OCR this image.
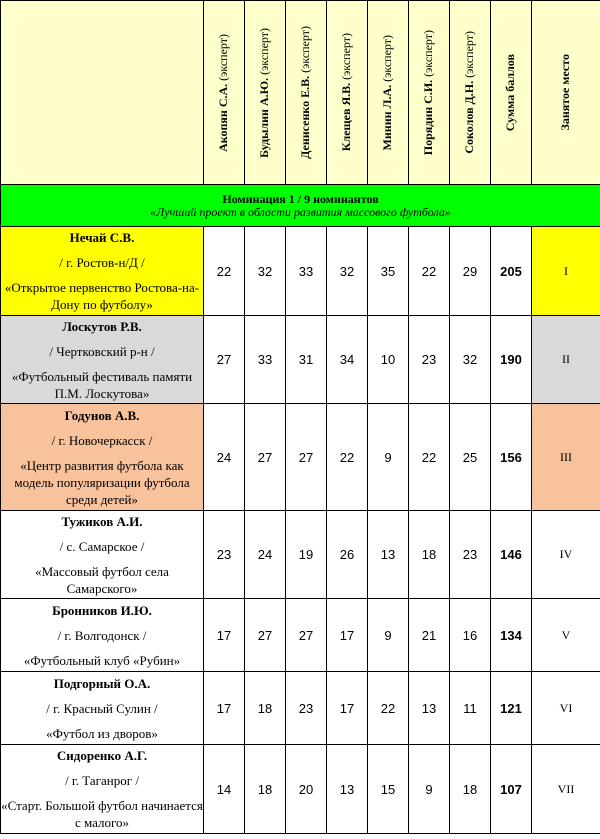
	Акопян С.А. (эксперт)	Будылин А.Ю. (эксперт)	Денисенко Е.В. (эксперт)	Клещев Я.В. (эксперт)	Минин Л.А. (эксперт)	Порядин С.И. (эксперт)	Соколов Д.Н. (эксперт)	Сумма баллов	Занятое место

Номинация 1 / 9 номинантов
«Лучший проект в области развития массового футбола»									

Нечай С.В.
/ г. Ростов-н/Д /
«Открытое первенство Ростова-на-Дону по футболу»	22	32	33	32	35	22	29	205	I

Лоскутов Р.В.
/ Чертковский р-н /
«Футбольный фестиваль памяти П.М. Лоскутова»	27	33	31	34	10	23	32	190	II

Годунов А.В.
/ г. Новочеркасск /
«Центр развития футбола как модель популяризации футбола среди детей»	24	27	27	22	9	22	25	156	III

Тужиков А.И.
/ с. Самарское /
«Массовый футбол села Самарского»	23	24	19	26	13	18	23	146	IV

Бронников И.Ю.
/ г. Волгодонск /
«Футбольный клуб «Рубин»	17	27	27	17	9	21	16	134	V

Подгорный О.А.
/ г. Красный Сулин /
«Футбол из дворов»	17	18	23	17	22	13	11	121	VI

Сидоренко А.Г.
/ г. Таганрог /
«Старт. Большой футбол начинается с малого»	14	18	20	13	15	9	18	107	VII
